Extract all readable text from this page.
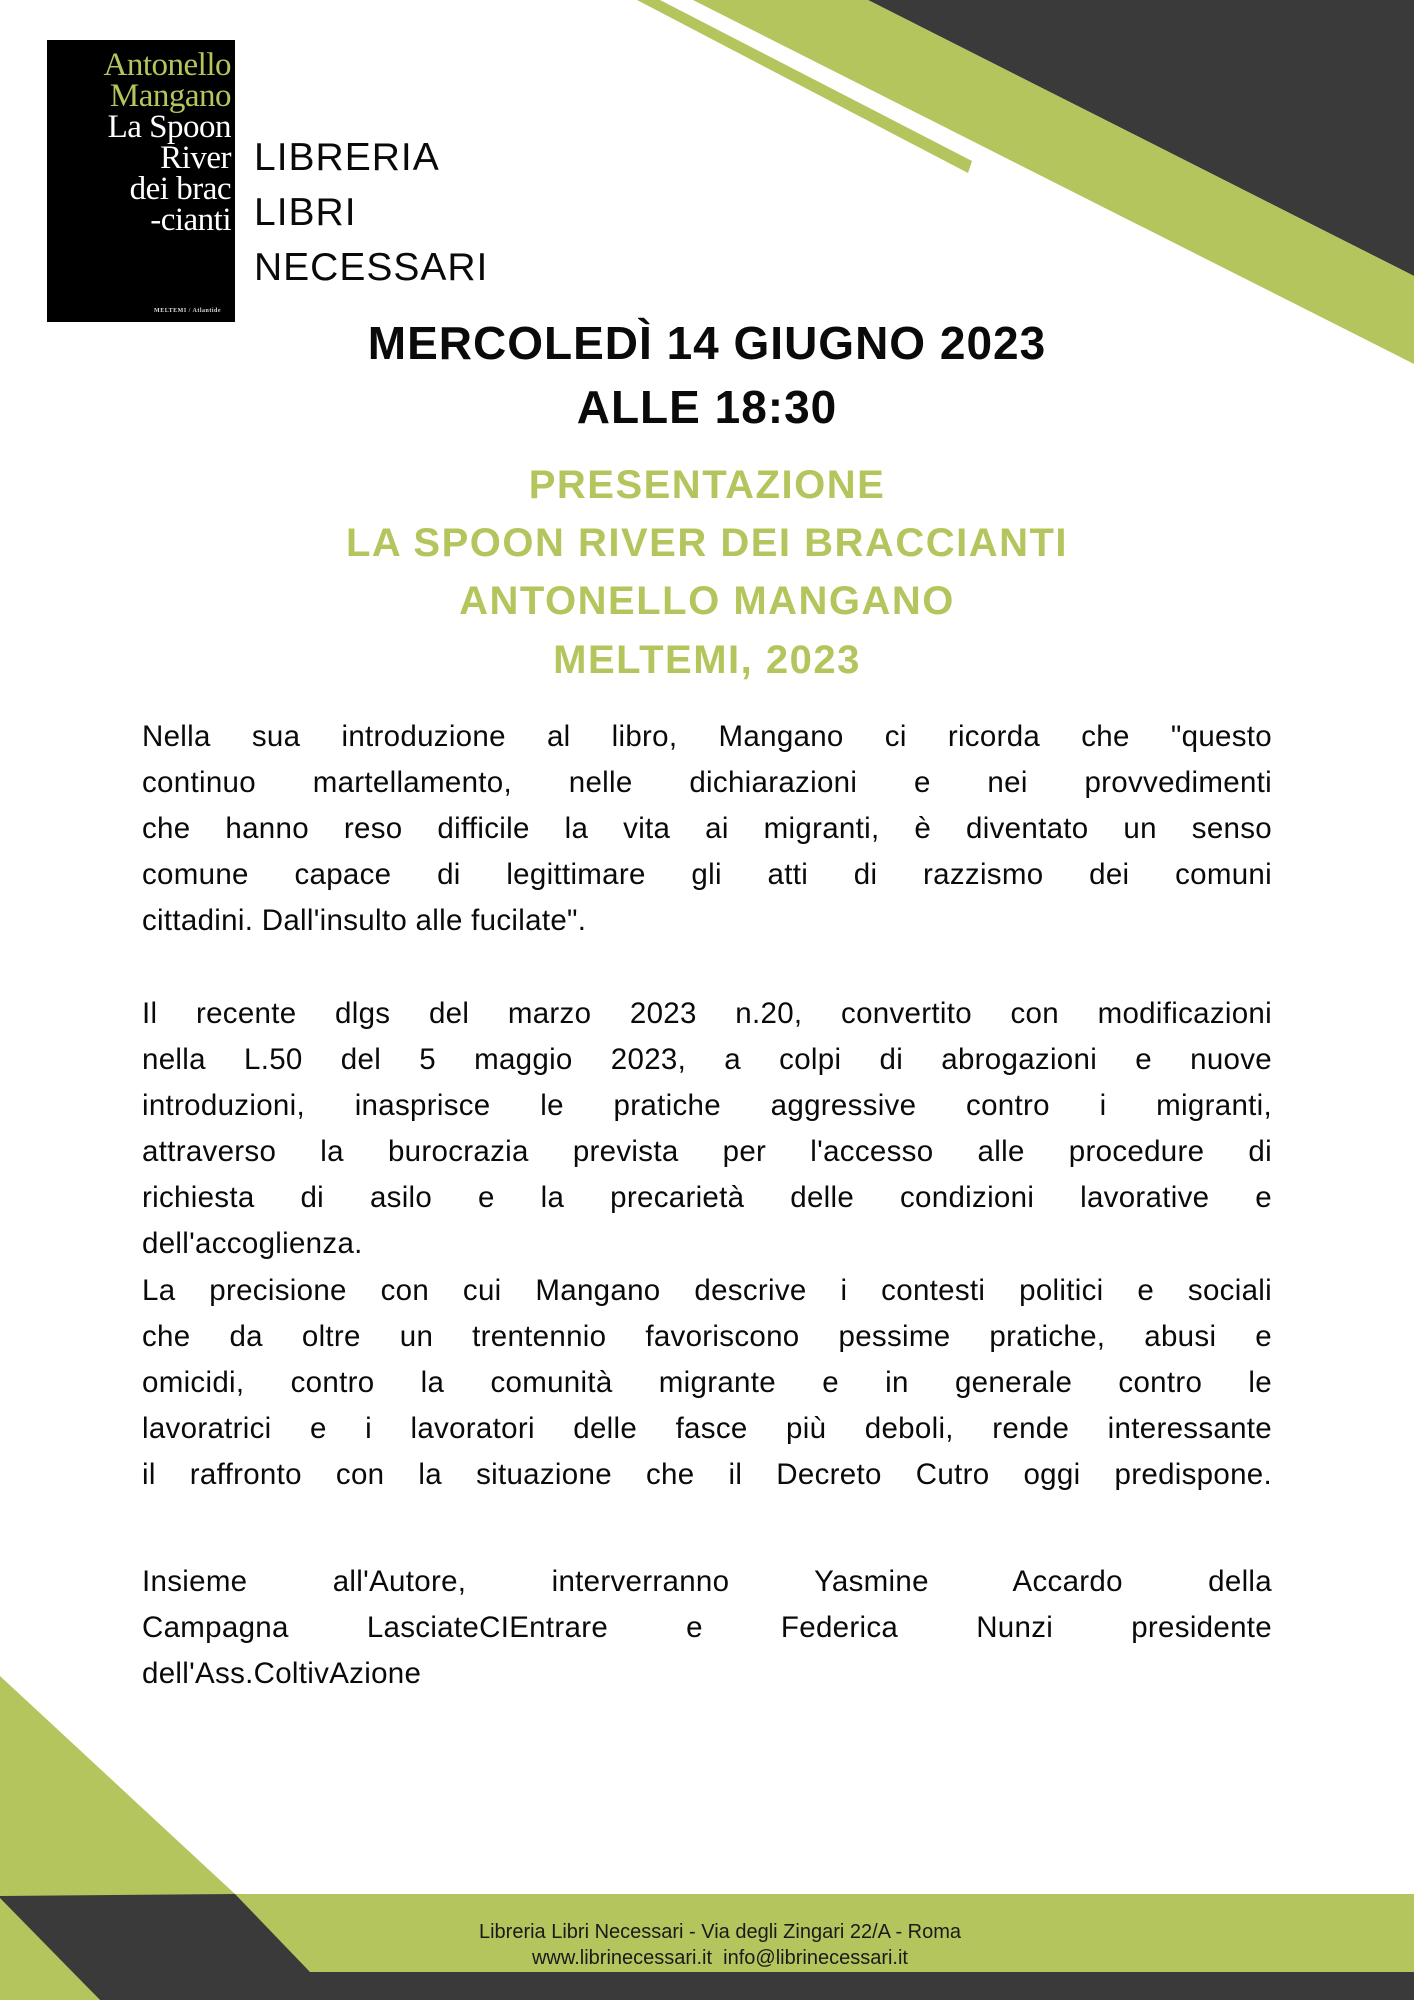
Antonello
Mangano
La Spoon
River
dei brac
-cianti
MELTEMI / Atlantide
LIBRERIA
LIBRI
NECESSARI
MERCOLEDÌ 14 GIUGNO 2023
ALLE 18:30
PRESENTAZIONE
LA SPOON RIVER DEI BRACCIANTI
ANTONELLO MANGANO
MELTEMI, 2023
Nella sua introduzione al libro, Mangano ci ricorda che "questo
continuo martellamento, nelle dichiarazioni e nei provvedimenti
che hanno reso difficile la vita ai migranti, è diventato un senso
comune capace di legittimare gli atti di razzismo dei comuni
cittadini. Dall'insulto alle fucilate".
Il recente dlgs del marzo 2023 n.20, convertito con modificazioni
nella L.50 del 5 maggio 2023, a colpi di abrogazioni e nuove
introduzioni, inasprisce le pratiche aggressive contro i migranti,
attraverso la burocrazia prevista per l'accesso alle procedure di
richiesta di asilo e la precarietà delle condizioni lavorative e
dell'accoglienza.
La precisione con cui Mangano descrive i contesti politici e sociali
che da oltre un trentennio favoriscono pessime pratiche, abusi e
omicidi, contro la comunità migrante e in generale contro le
lavoratrici e i lavoratori delle fasce più deboli, rende interessante
il raffronto con la situazione che il Decreto Cutro oggi predispone.
Insieme all'Autore, interverranno Yasmine Accardo della
Campagna LasciateCIEntrare e Federica Nunzi presidente
dell'Ass.ColtivAzione
Libreria Libri Necessari - Via degli Zingari 22/A - Roma
www.librinecessari.it info@librinecessari.it
